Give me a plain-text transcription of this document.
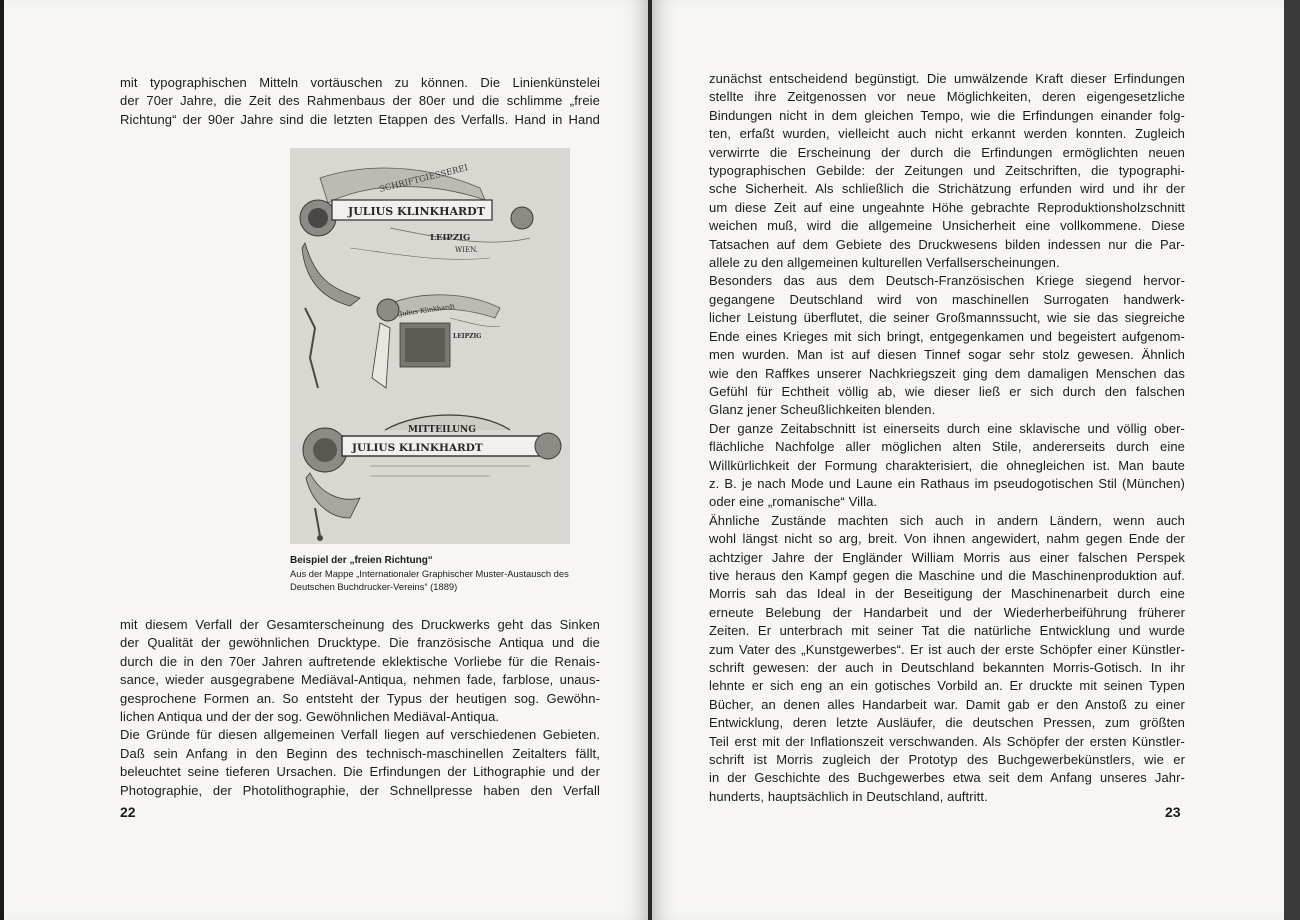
mit typographischen Mitteln vortäuschen zu können. Die Linienkünstelei
der 70er Jahre, die Zeit des Rahmenbaus der 80er und die schlimme „freie
Richtung“ der 90er Jahre sind die letzten Etappen des Verfalls. Hand in Hand
SCHRIFTGIESSEREI
JULIUS KLINKHARDT
LEIPZIG
WIEN.
Julius Klinkhardt
LEIPZIG
MITTEILUNG
JULIUS KLINKHARDT
Beispiel der „freien Richtung“
Aus der Mappe „Internationaler Graphischer Muster-Austausch des
Deutschen Buchdrucker-Vereins“ (1889)
mit diesem Verfall der Gesamterscheinung des Druckwerks geht das Sinken
der Qualität der gewöhnlichen Drucktype. Die französische Antiqua und die
durch die in den 70er Jahren auftretende eklektische Vorliebe für die Renais-
sance, wieder ausgegrabene Mediäval-Antiqua, nehmen fade, farblose, unaus-
gesprochene Formen an. So entsteht der Typus der heutigen sog. Gewöhn-
lichen Antiqua und der der sog. Gewöhnlichen Mediäval-Antiqua.
Die Gründe für diesen allgemeinen Verfall liegen auf verschiedenen Gebieten.
Daß sein Anfang in den Beginn des technisch-maschinellen Zeitalters fällt,
beleuchtet seine tieferen Ursachen. Die Erfindungen der Lithographie und der
Photographie, der Photolithographie, der Schnellpresse haben den Verfall
22
zunächst entscheidend begünstigt. Die umwälzende Kraft dieser Erfindungen
stellte ihre Zeitgenossen vor neue Möglichkeiten, deren eigengesetzliche
Bindungen nicht in dem gleichen Tempo, wie die Erfindungen einander folg-
ten, erfaßt wurden, vielleicht auch nicht erkannt werden konnten. Zugleich
verwirrte die Erscheinung der durch die Erfindungen ermöglichten neuen
typographischen Gebilde: der Zeitungen und Zeitschriften, die typographi-
sche Sicherheit. Als schließlich die Strichätzung erfunden wird und ihr der
um diese Zeit auf eine ungeahnte Höhe gebrachte Reproduktionsholzschnitt
weichen muß, wird die allgemeine Unsicherheit eine vollkommene. Diese
Tatsachen auf dem Gebiete des Druckwesens bilden indessen nur die Par-
allele zu den allgemeinen kulturellen Verfallserscheinungen.
Besonders das aus dem Deutsch-Französischen Kriege siegend hervor-
gegangene Deutschland wird von maschinellen Surrogaten handwerk-
licher Leistung überflutet, die seiner Großmannssucht, wie sie das siegreiche
Ende eines Krieges mit sich bringt, entgegenkamen und begeistert aufgenom-
men wurden. Man ist auf diesen Tinnef sogar sehr stolz gewesen. Ähnlich
wie den Raffkes unserer Nachkriegszeit ging dem damaligen Menschen das
Gefühl für Echtheit völlig ab, wie dieser ließ er sich durch den falschen
Glanz jener Scheußlichkeiten blenden.
Der ganze Zeitabschnitt ist einerseits durch eine sklavische und völlig ober-
flächliche Nachfolge aller möglichen alten Stile, andererseits durch eine
Willkürlichkeit der Formung charakterisiert, die ohnegleichen ist. Man baute
z. B. je nach Mode und Laune ein Rathaus im pseudogotischen Stil (München)
oder eine „romanische“ Villa.
Ähnliche Zustände machten sich auch in andern Ländern, wenn auch
wohl längst nicht so arg, breit. Von ihnen angewidert, nahm gegen Ende der
achtziger Jahre der Engländer William Morris aus einer falschen Perspek
tive heraus den Kampf gegen die Maschine und die Maschinenproduktion auf.
Morris sah das Ideal in der Beseitigung der Maschinenarbeit durch eine
erneute Belebung der Handarbeit und der Wiederherbeiführung früherer
Zeiten. Er unterbrach mit seiner Tat die natürliche Entwicklung und wurde
zum Vater des „Kunstgewerbes“. Er ist auch der erste Schöpfer einer Künstler-
schrift gewesen: der auch in Deutschland bekannten Morris-Gotisch. In ihr
lehnte er sich eng an ein gotisches Vorbild an. Er druckte mit seinen Typen
Bücher, an denen alles Handarbeit war. Damit gab er den Anstoß zu einer
Entwicklung, deren letzte Ausläufer, die deutschen Pressen, zum größten
Teil erst mit der Inflationszeit verschwanden. Als Schöpfer der ersten Künstler-
schrift ist Morris zugleich der Prototyp des Buchgewerbekünstlers, wie er
in der Geschichte des Buchgewerbes etwa seit dem Anfang unseres Jahr-
hunderts, hauptsächlich in Deutschland, auftritt.
23
